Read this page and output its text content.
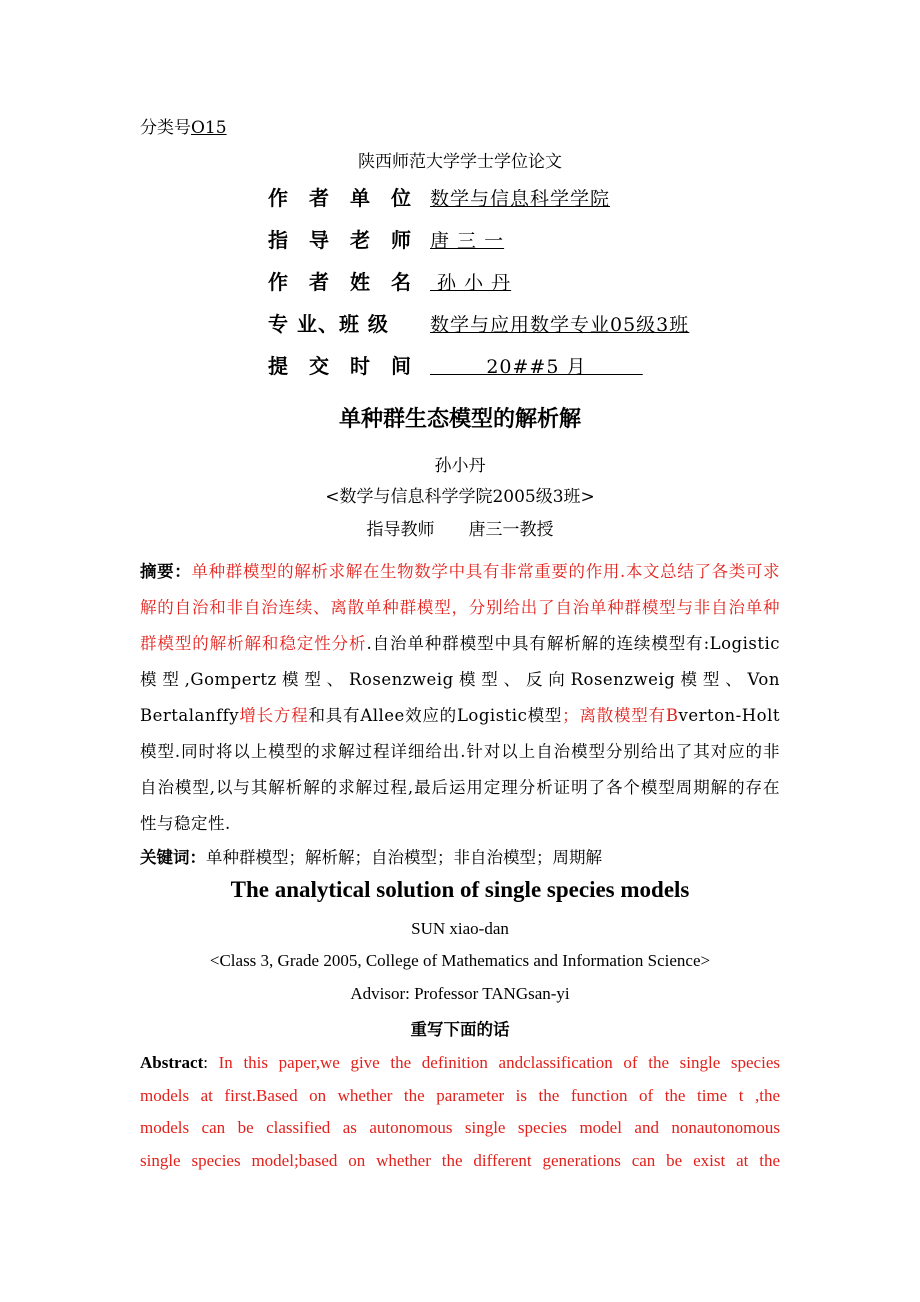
分类号O15
陕西师范大学学士学位论文
作者单位数学与信息科学学院
指导老师唐 三 一
作者姓名 孙 小 丹
专 业、班 级 数学与应用数学专业05级3班
提交时间        20##5 月
单种群生态模型的解析解
孙小丹
<数学与信息科学学院2005级3班>
指导教师　　唐三一教授
摘要：单种群模型的解析求解在生物数学中具有非常重要的作用.本文总结了各类可求解的自治和非自治连续、离散单种群模型，分别给出了自治单种群模型与非自治单种群模型的解析解和稳定性分析.自治单种群模型中具有解析解的连续模型有:Logistic模型,Gompertz模型、Rosenzweig模型、反向Rosenzweig模型、Von Bertalanffy增长方程和具有Allee效应的Logistic模型；离散模型有Bverton-Holt模型.同时将以上模型的求解过程详细给出.针对以上自治模型分别给出了其对应的非自治模型,以与其解析解的求解过程,最后运用定理分析证明了各个模型周期解的存在性与稳定性.
关键词：单种群模型；解析解；自治模型；非自治模型；周期解
The analytical solution of single species models
SUN xiao-dan
<Class 3, Grade 2005, College of Mathematics and Information Science>
Advisor: Professor TANGsan-yi
重写下面的话
Abstract: In this paper,we give the definition andclassification of the single species
models at first.Based on whether the parameter is the function of the time t ,the
models can be classified as autonomous single species model and nonautonomous
single species model;based on whether the different generations can be exist at the
